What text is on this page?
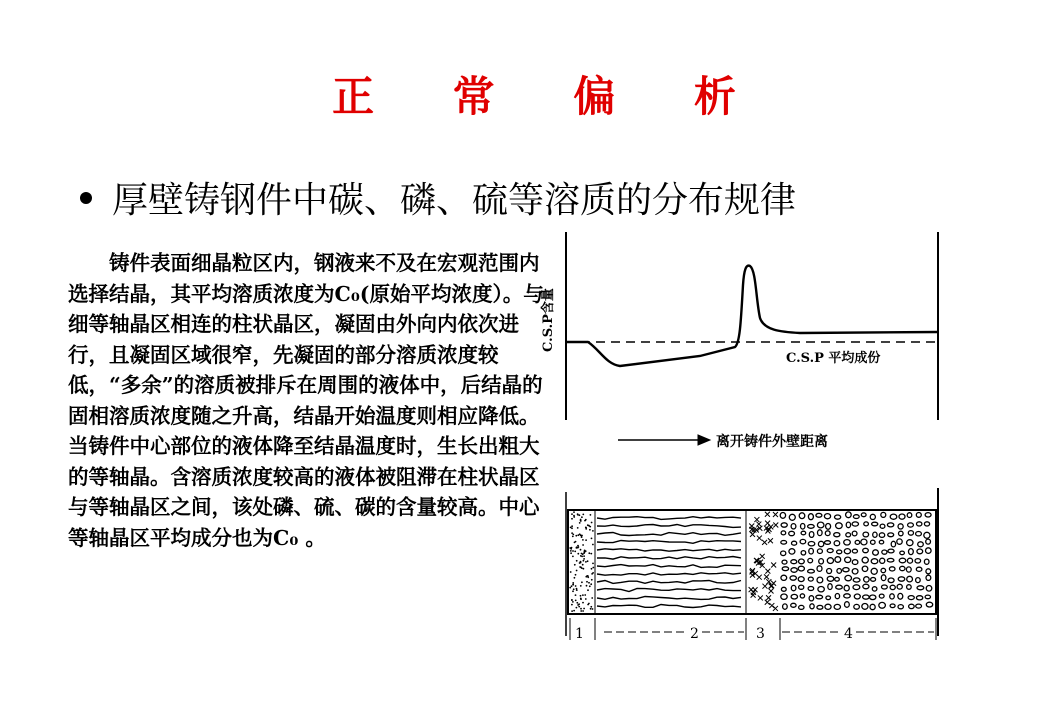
正 常 偏 析
厚壁铸钢件中碳、磷、硫等溶质的分布规律

铸件表面细晶粒区内，钢液来不及在宏观范围内选择结晶，其平均溶质浓度为C₀(原始平均浓度）。与细等轴晶区相连的柱状晶区，凝固由外向内依次进行，且凝固区域很窄，先凝固的部分溶质浓度较低，“多余”的溶质被排斥在周围的液体中，后结晶的固相溶质浓度随之升高，结晶开始温度则相应降低。当铸件中心部位的液体降至结晶温度时，生长出粗大的等轴晶。含溶质浓度较高的液体被阻滞在柱状晶区与等轴晶区之间，该处磷、硫、碳的含量较高。中心等轴晶区平均成分也为C₀ 。

C.S.P含量
C.S.P 平均成份
离开铸件外壁距离
1	2	3	4
